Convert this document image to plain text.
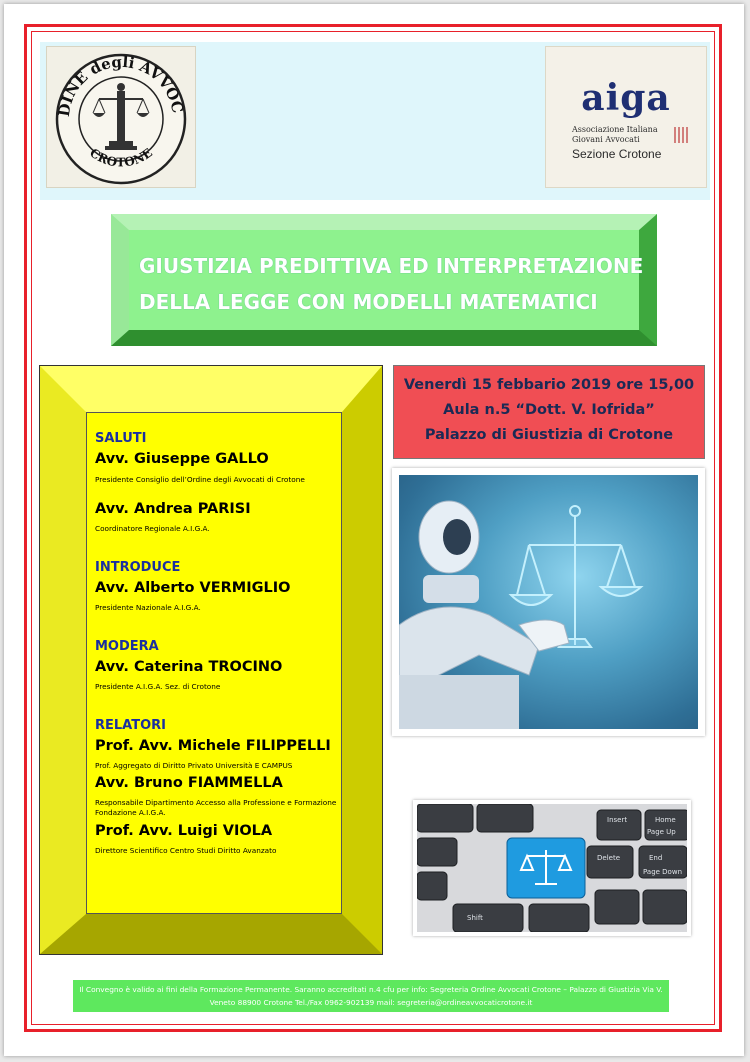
DINE degli AVVOC
CROTONE
aiga
Associazione Italiana
Giovani Avvocati
Sezione Crotone
GIUSTIZIA PREDITTIVA ED INTERPRETAZIONE
DELLA LEGGE CON MODELLI MATEMATICI
SALUTI
Avv. Giuseppe GALLO
Presidente Consiglio dell’Ordine degli Avvocati di Crotone
Avv. Andrea PARISI
Coordinatore Regionale A.I.G.A.
INTRODUCE
Avv. Alberto VERMIGLIO
Presidente Nazionale A.I.G.A.
MODERA
Avv. Caterina TROCINO
Presidente A.I.G.A. Sez. di Crotone
RELATORI
Prof. Avv. Michele FILIPPELLI
Prof. Aggregato di Diritto Privato Università E CAMPUS
Avv. Bruno FIAMMELLA
Responsabile Dipartimento Accesso alla Professione e Formazione Fondazione A.I.G.A.
Prof. Avv. Luigi VIOLA
Direttore Scientifico Centro Studi Diritto Avanzato
Venerdì 15 febbario 2019 ore 15,00
Aula n.5 “Dott. V. Iofrida”
Palazzo di Giustizia di Crotone
Insert	Home
Page Up
Delete	End
Page Down
Shift
Il Convegno è valido ai fini della Formazione Permanente. Saranno accreditati n.4 cfu per info: Segreteria Ordine Avvocati Crotone – Palazzo di Giustizia Via V. Veneto 88900 Crotone Tel./Fax 0962-902139 mail: segreteria@ordineavvocaticrotone.it
